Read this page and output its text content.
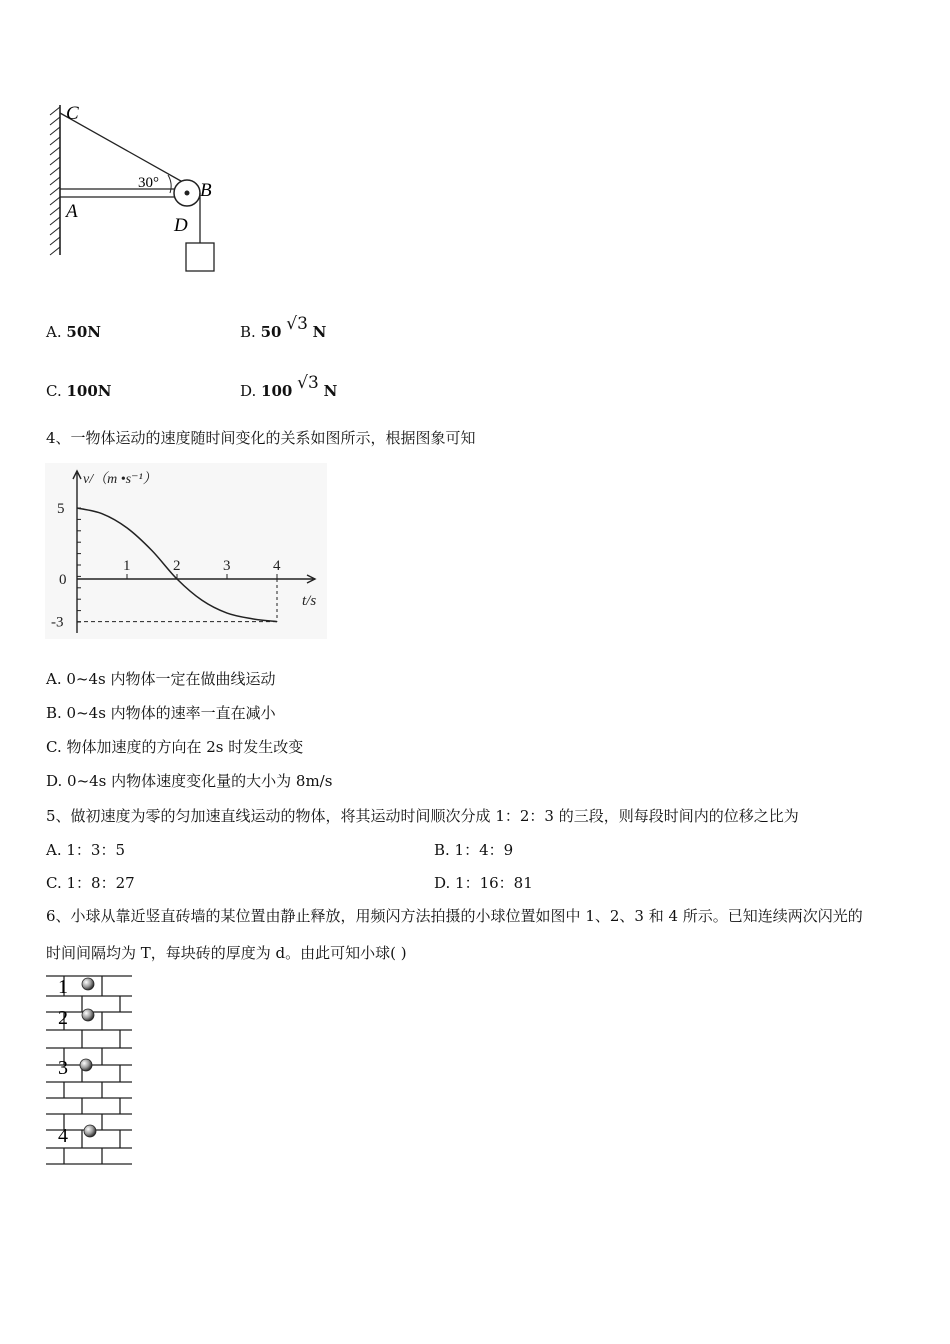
C
A
B
D
30°
A. 50N	B. 50 √3 N
C. 100N	D. 100 √3 N
4、一物体运动的速度随时间变化的关系如图所示，根据图象可知
1	2	3	4
5
0
-3
v/（m •s⁻¹）
t/s
A. 0~4s 内物体一定在做曲线运动
B. 0~4s 内物体的速率一直在减小
C. 物体加速度的方向在 2s 时发生改变
D. 0~4s 内物体速度变化量的大小为 8m/s
5、做初速度为零的匀加速直线运动的物体，将其运动时间顺次分成 1：2：3 的三段，则每段时间内的位移之比为
A. 1：3：5	B. 1：4：9
C. 1：8：27	D. 1：16：81
6、小球从靠近竖直砖墙的某位置由静止释放，用频闪方法拍摄的小球位置如图中 1、2、3 和 4 所示。已知连续两次闪光的
时间间隔均为 T，每块砖的厚度为 d。由此可知小球( )
1
2
3
4
